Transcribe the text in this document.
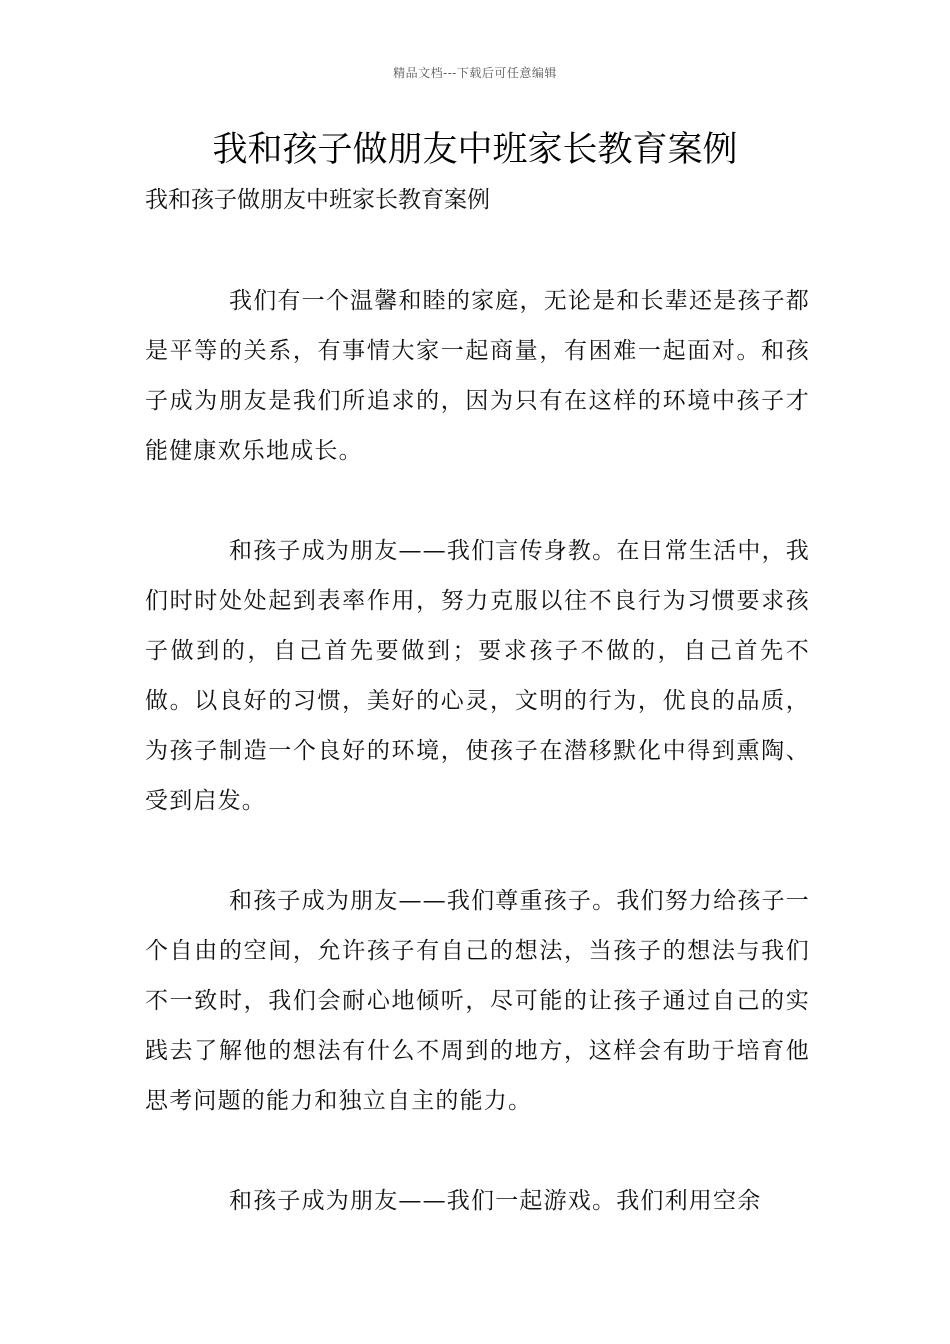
精品文档---下载后可任意编辑
我和孩子做朋友中班家长教育案例

我和孩子做朋友中班家长教育案例

我们有一个温馨和睦的家庭，无论是和长辈还是孩子都是平等的关系，有事情大家一起商量，有困难一起面对。和孩子成为朋友是我们所追求的，因为只有在这样的环境中孩子才能健康欢乐地成长。

和孩子成为朋友——我们言传身教。在日常生活中，我们时时处处起到表率作用，努力克服以往不良行为习惯要求孩子做到的，自己首先要做到；要求孩子不做的，自己首先不做。以良好的习惯，美好的心灵，文明的行为，优良的品质，为孩子制造一个良好的环境，使孩子在潜移默化中得到熏陶、受到启发。

和孩子成为朋友——我们尊重孩子。我们努力给孩子一个自由的空间，允许孩子有自己的想法，当孩子的想法与我们不一致时，我们会耐心地倾听，尽可能的让孩子通过自己的实践去了解他的想法有什么不周到的地方，这样会有助于培育他思考问题的能力和独立自主的能力。

和孩子成为朋友——我们一起游戏。我们利用空余
